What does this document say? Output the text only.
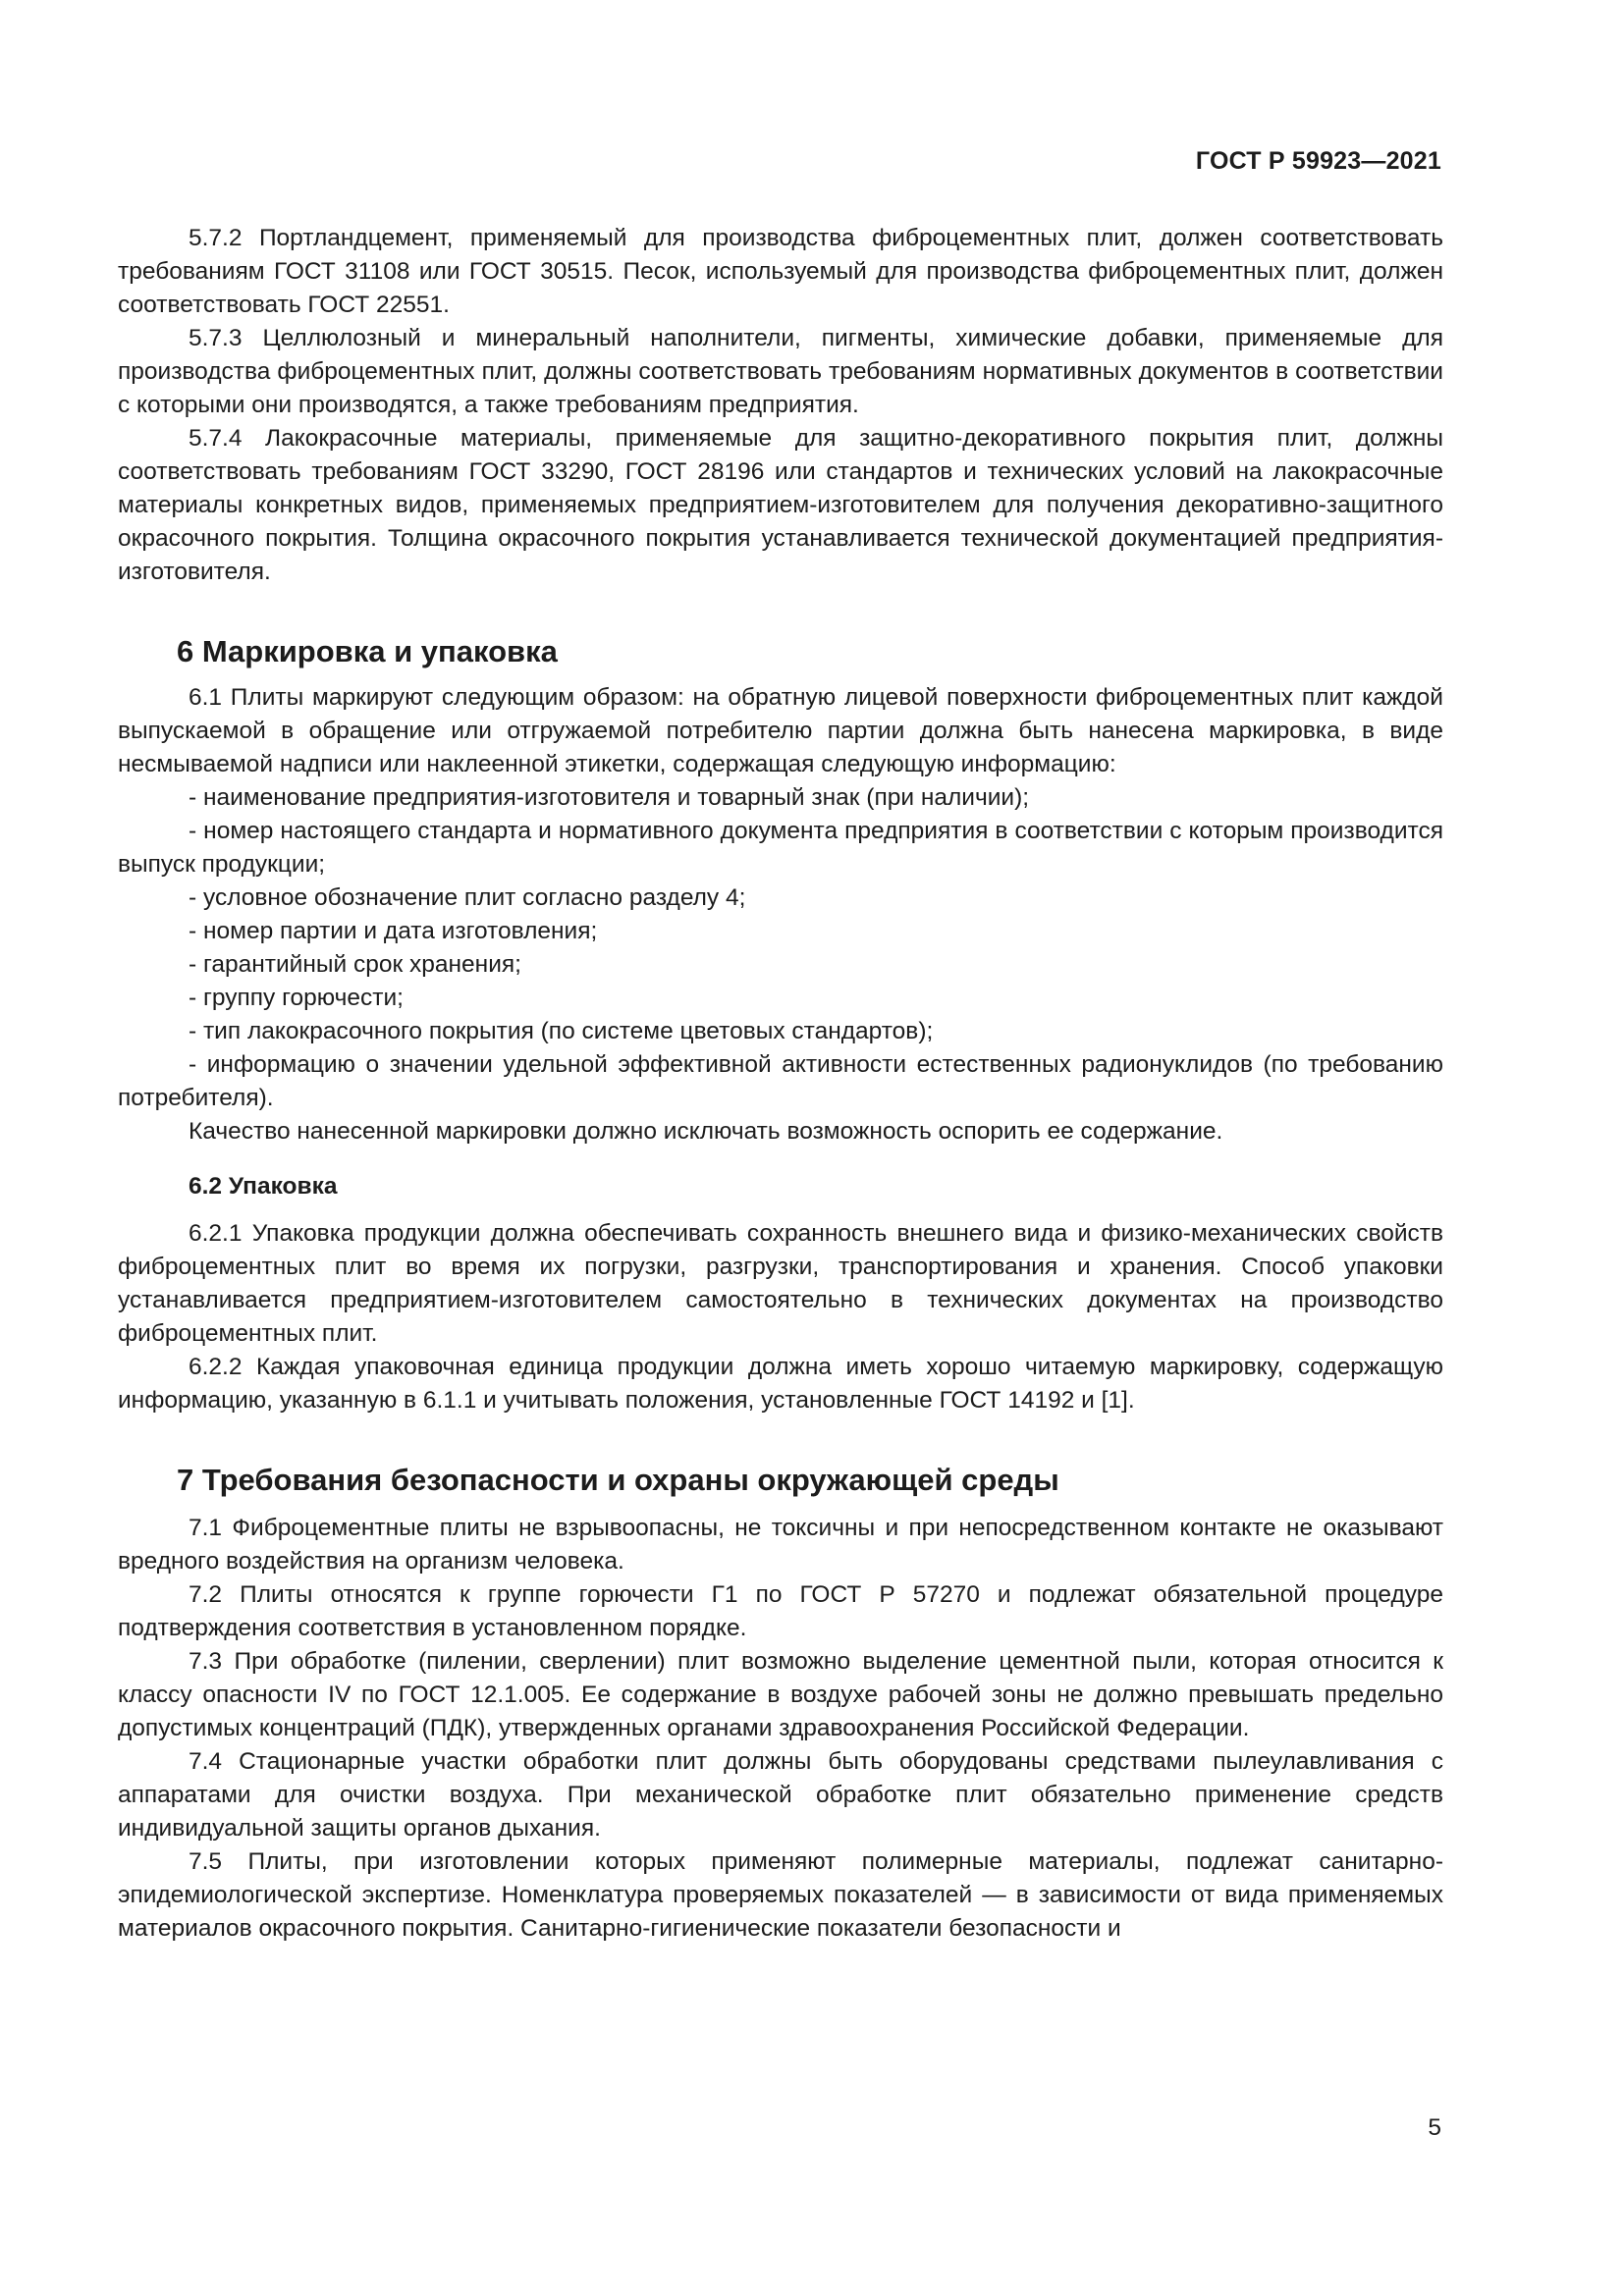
ГОСТ Р 59923—2021

5.7.2 Портландцемент, применяемый для производства фиброцементных плит, должен соответствовать требованиям ГОСТ 31108 или ГОСТ 30515. Песок, используемый для производства фиброцементных плит, должен соответствовать ГОСТ 22551.

5.7.3 Целлюлозный и минеральный наполнители, пигменты, химические добавки, применяемые для производства фиброцементных плит, должны соответствовать требованиям нормативных документов в соответствии с которыми они производятся, а также требованиям предприятия.

5.7.4 Лакокрасочные материалы, применяемые для защитно-декоративного покрытия плит, должны соответствовать требованиям ГОСТ 33290, ГОСТ 28196 или стандартов и технических условий на лакокрасочные материалы конкретных видов, применяемых предприятием-изготовителем для получения декоративно-защитного окрасочного покрытия. Толщина окрасочного покрытия устанавливается технической документацией предприятия-изготовителя.

6 Маркировка и упаковка

6.1 Плиты маркируют следующим образом: на обратную лицевой поверхности фиброцементных плит каждой выпускаемой в обращение или отгружаемой потребителю партии должна быть нанесена маркировка, в виде несмываемой надписи или наклеенной этикетки, содержащая следующую информацию:

- наименование предприятия-изготовителя и товарный знак (при наличии);

- номер настоящего стандарта и нормативного документа предприятия в соответствии с которым производится выпуск продукции;

- условное обозначение плит согласно разделу 4;

- номер партии и дата изготовления;

- гарантийный срок хранения;

- группу горючести;

- тип лакокрасочного покрытия (по системе цветовых стандартов);

- информацию о значении удельной эффективной активности естественных радионуклидов (по требованию потребителя).

Качество нанесенной маркировки должно исключать возможность оспорить ее содержание.

6.2 Упаковка

6.2.1 Упаковка продукции должна обеспечивать сохранность внешнего вида и физико-механических свойств фиброцементных плит во время их погрузки, разгрузки, транспортирования и хранения. Способ упаковки устанавливается предприятием-изготовителем самостоятельно в технических документах на производство фиброцементных плит.

6.2.2 Каждая упаковочная единица продукции должна иметь хорошо читаемую маркировку, содержащую информацию, указанную в 6.1.1 и учитывать положения, установленные ГОСТ 14192 и [1].

7 Требования безопасности и охраны окружающей среды

7.1 Фиброцементные плиты не взрывоопасны, не токсичны и при непосредственном контакте не оказывают вредного воздействия на организм человека.

7.2 Плиты относятся к группе горючести Г1 по ГОСТ Р 57270 и подлежат обязательной процедуре подтверждения соответствия в установленном порядке.

7.3 При обработке (пилении, сверлении) плит возможно выделение цементной пыли, которая относится к классу опасности IV по ГОСТ 12.1.005. Ее содержание в воздухе рабочей зоны не должно превышать предельно допустимых концентраций (ПДК), утвержденных органами здравоохранения Российской Федерации.

7.4 Стационарные участки обработки плит должны быть оборудованы средствами пылеулавливания с аппаратами для очистки воздуха. При механической обработке плит обязательно применение средств индивидуальной защиты органов дыхания.

7.5 Плиты, при изготовлении которых применяют полимерные материалы, подлежат санитарно-эпидемиологической экспертизе. Номенклатура проверяемых показателей — в зависимости от вида применяемых материалов окрасочного покрытия. Санитарно-гигиенические показатели безопасности и

5
